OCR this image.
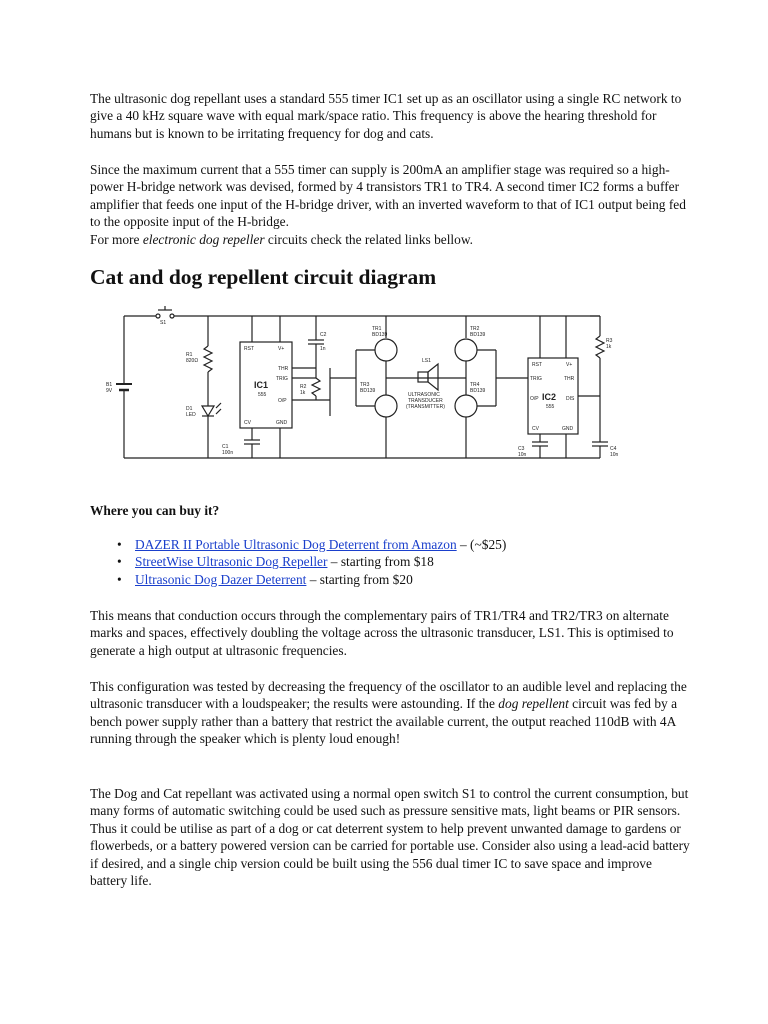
The ultrasonic dog repellant uses a standard 555 timer IC1 set up as an oscillator using a single RC network to give a 40 kHz square wave with equal mark/space ratio. This frequency is above the hearing threshold for humans but is known to be irritating frequency for dog and cats.

Since the maximum current that a 555 timer can supply is 200mA an amplifier stage was required so a high-power H-bridge network was devised, formed by 4 transistors TR1 to TR4. A second timer IC2 forms a buffer amplifier that feeds one input of the H-bridge driver, with an inverted waveform to that of IC1 output being fed to the opposite input of the H-bridge.
For more electronic dog repeller circuits check the related links bellow.

Cat and dog repellent circuit diagram
S1
R1
820Ω
D1
LED
B1
9V
RST	V+
THR
TRIG
O/P
CV	GND
C1
100n
C2
1n
R2
1k
TR1
BD139
TR2
BD139
TR3
BD139
TR4
BD139
LS1
ULTRASONIC
TRANSDUCER
(TRANSMITTER)
RST	V+
TRIG	THR
O/P	DIS
CV	GND
R3
1k
C3
10n
C4
10n
IC1
IC2
555
555
Where you can buy it?
• DAZER II Portable Ultrasonic Dog Deterrent from Amazon – (~$25)
• StreetWise Ultrasonic Dog Repeller – starting from $18
• Ultrasonic Dog Dazer Deterrent – starting from $20

This means that conduction occurs through the complementary pairs of TR1/TR4 and TR2/TR3 on alternate marks and spaces, effectively doubling the voltage across the ultrasonic transducer, LS1. This is optimised to generate a high output at ultrasonic frequencies.

This configuration was tested by decreasing the frequency of the oscillator to an audible level and replacing the ultrasonic transducer with a loudspeaker; the results were astounding. If the dog repellent circuit was fed by a bench power supply rather than a battery that restrict the available current, the output reached 110dB with 4A running through the speaker which is plenty loud enough!

The Dog and Cat repellant was activated using a normal open switch S1 to control the current consumption, but many forms of automatic switching could be used such as pressure sensitive mats, light beams or PIR sensors. Thus it could be utilise as part of a dog or cat deterrent system to help prevent unwanted damage to gardens or flowerbeds, or a battery powered version can be carried for portable use. Consider also using a lead-acid battery if desired, and a single chip version could be built using the 556 dual timer IC to save space and improve battery life.
